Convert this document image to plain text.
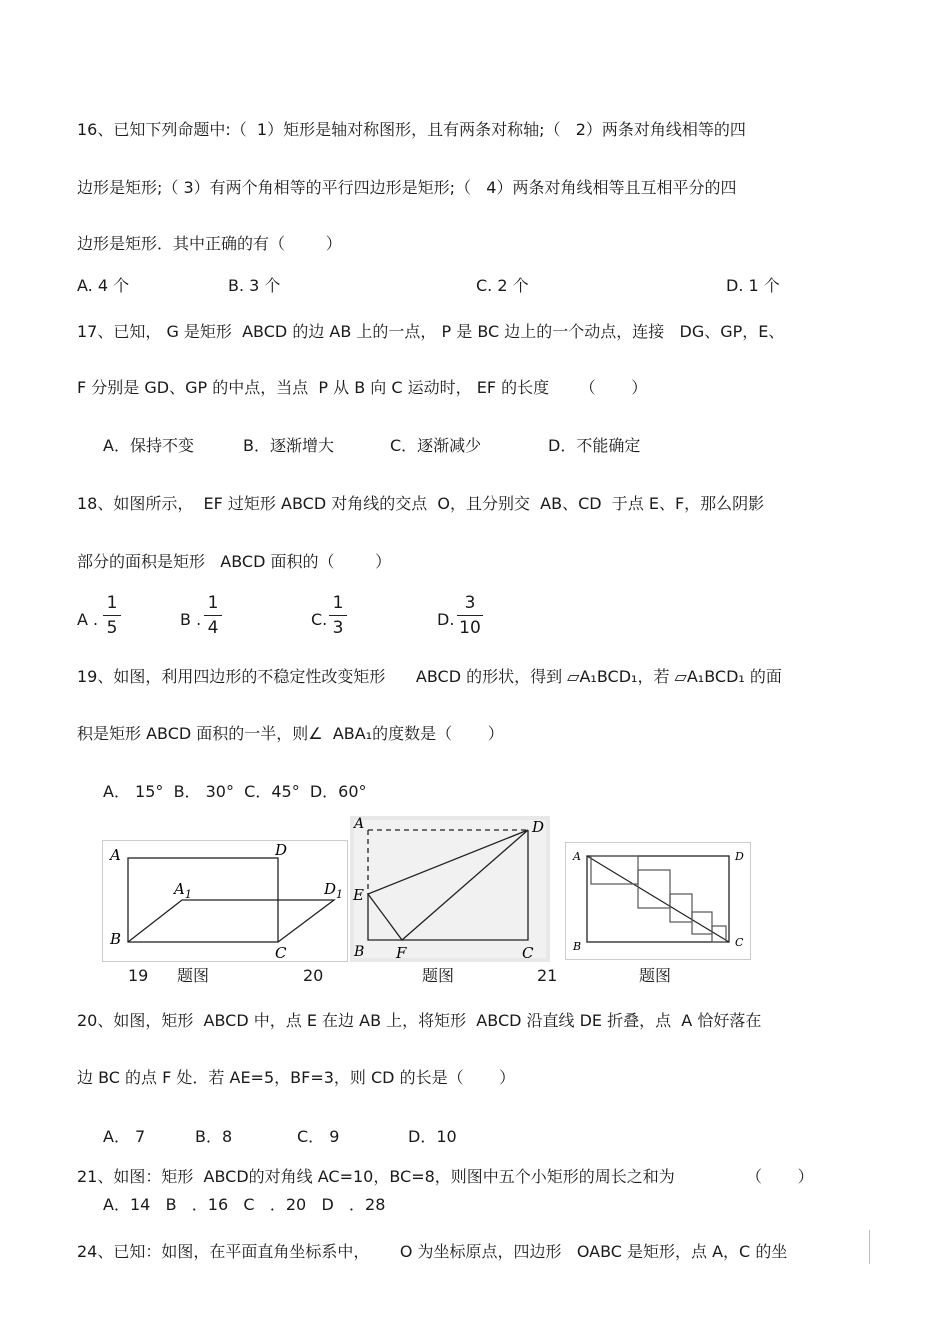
16、已知下列命题中:（  1）矩形是轴对称图形，且有两条对称轴;（   2）两条对角线相等的四
边形是矩形;（ 3）有两个角相等的平行四边形是矩形;（   4）两条对角线相等且互相平分的四
边形是矩形．其中正确的有（        ）
A. 4 个	B. 3 个	C. 2 个	D. 1 个
17、已知， G 是矩形  ABCD 的边 AB 上的一点， P 是 BC 边上的一个动点，连接   DG、GP，E、
F 分别是 GD、GP 的中点，当点  P 从 B 向 C 运动时， EF 的长度      （       ）
A．保持不变	B．逐渐增大	C．逐渐减少	D．不能确定
18、如图所示，  EF 过矩形 ABCD 对角线的交点  O，且分别交  AB、CD  于点 E、F，那么阴影
部分的面积是矩形   ABCD 面积的（        ）
A .
1
5	B .
1
4	C.
1
3	D.
3
10
19、如图，利用四边形的不稳定性改变矩形      ABCD 的形状，得到 ▱A₁BCD₁，若 ▱A₁BCD₁ 的面
积是矩形 ABCD 面积的一半，则∠  ABA₁的度数是（       ）
A． 15°  B． 30°  C．45°  D．60°
A	D
$A_1$	$D_1$
B
C
A	D
E
B F	C
A	D
B	C
19 题图	20	题图	21	题图
20、如图，矩形  ABCD 中，点 E 在边 AB 上，将矩形  ABCD 沿直线 DE 折叠，点  A 恰好落在
边 BC 的点 F 处．若 AE=5，BF=3，则 CD 的长是（       ）
A． 7	B．8	C． 9	D．10
21、如图：矩形  ABCD的对角线 AC=10，BC=8，则图中五个小矩形的周长之和为              （       ）
A．14   B   ．16   C   ．20   D   ．28
24、已知：如图，在平面直角坐标系中，      O 为坐标原点，四边形   OABC 是矩形，点 A，C 的坐
